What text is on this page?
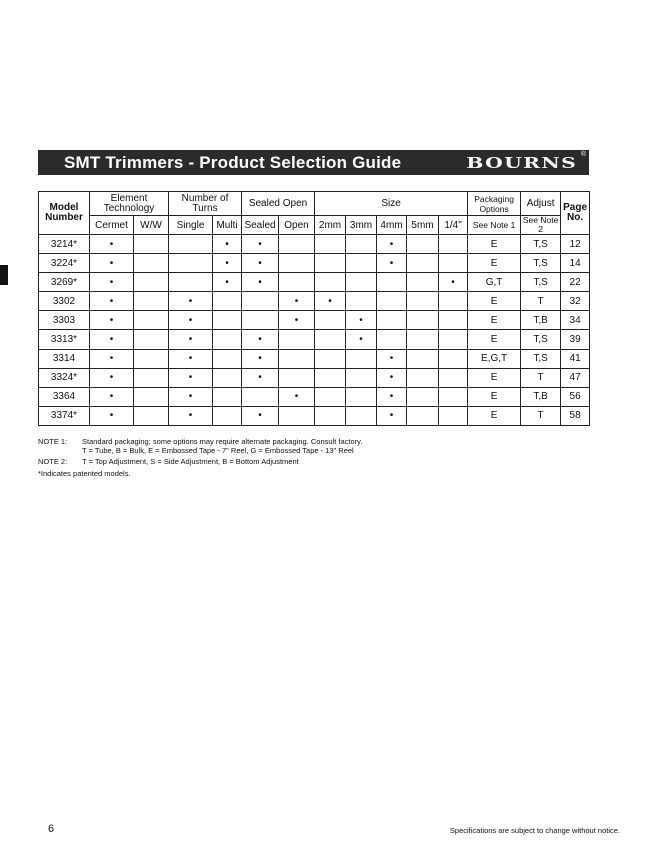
SMT Trimmers - Product Selection Guide	BOURNS ®
Model Number	Element Technology		Number of Turns		Sealed Open		Size					Packaging Options	Adjust	Page No.
	Cermet	W/W	Single	Multi	Sealed	Open	2mm	3mm	4mm	5mm	1/4"	See Note 1	See Note 2	
3214*	•			•	•				•			E	T,S	12
3224*	•			•	•				•			E	T,S	14
3269*	•			•	•						•	G,T	T,S	22
3302	•		•			•	•					E	T	32
3303	•		•			•		•				E	T,B	34
3313*	•		•		•			•				E	T,S	39
3314	•		•		•				•			E,G,T	T,S	41
3324*	•		•		•				•			E	T	47
3364	•		•			•			•			E	T,B	56
3374*	•		•		•				•			E	T	58
NOTE 1:	Standard packaging; some options may require alternate packaging. Consult factory.
T = Tube, B = Bulk, E = Embossed Tape - 7" Reel, G = Embossed Tape - 13" Reel
NOTE 2:	T = Top Adjustment, S = Side Adjustment, B = Bottom Adjustment
*Indicates patented models.
6	Specifications are subject to change without notice.
